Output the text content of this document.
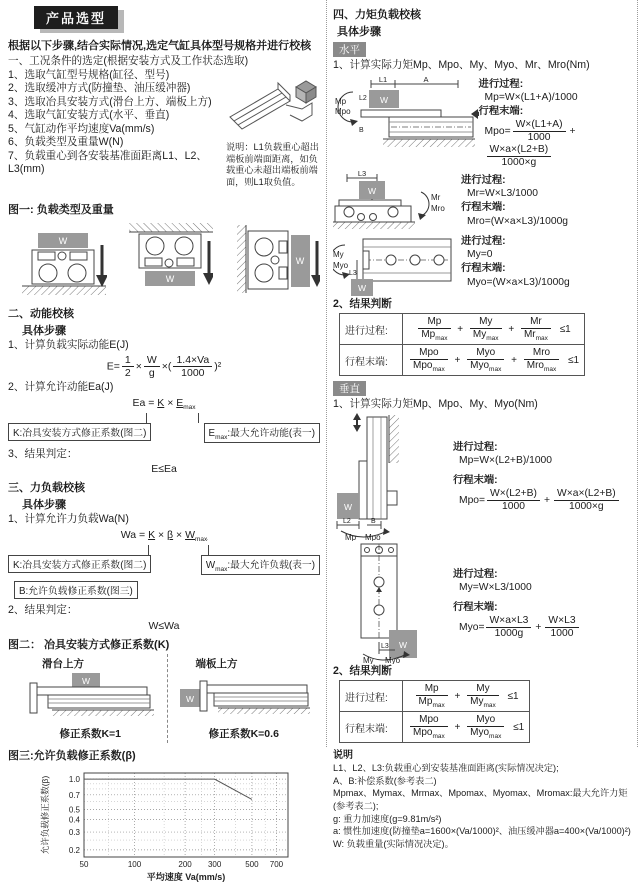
产品选型
根据以下步骤,结合实际情况,选定气缸具体型号规格并进行校核
一、工况条件的选定(根据安装方式及工作状态选取)
1、选取气缸型号规格(缸径、型号)
2、选取缓冲方式(防撞垫、油压缓冲器)
3、选取冶具安装方式(滑台上方、端板上方)
4、选取气缸安装方式(水平、垂直)
5、气缸动作平均速度Va(mm/s)
6、负载类型及重量W(N)
7、负载重心到各安装基准面距离L1、L2、L3(mm)
说明：L1负载重心超出端板前端面距离，如负载重心未超出端板前端面，则L1取负值。
图一: 负载类型及重量
W
W
W
二、动能校核
具体步骤
1、计算负载实际动能E(J)
$E= \frac{1}{2} \times \frac{W}{g}$ ×( $\frac{1.4\times Va}{1000} )^2$
2、计算允许动能Ea(J)
$Ea = K \times E_{max}$
K:冶具安装方式修正系数(图二)	$E_{max}$:最大允许动能(表一)
3、结果判定：
E≤Ea
三、力负载校核
具体步骤
1、计算允许力负载Wa(N)
$Wa = K \times \beta \times W_{max}$
K:冶具安装方式修正系数(图二)	$W_{max}$:最大允许负载(表一)
B:允许负载修正系数(图三)
2、结果判定：
W≤Wa
图二： 冶具安装方式修正系数(K)
滑台上方
W
修正系数K=1
端板上方
W
修正系数K=0.6
图三:允许负载修正系数(β)
50	100	200 300	500 700
1.0
0.7
0.5
0.4
0.3
0.2
平均速度 Va(mm/s)
允许负载修正系数(β)
四、力矩负载校核
具体步骤
水平
1、计算实际力矩Mp、Mpo、My、Myo、Mr、Mro(Nm)
L1	A
L2
B
W
Mp
Mpo
进行过程:
Mp=W×(L1+A)/1000
行程末端:
$Mpo= \frac{W\times(L1+A)}{1000}$ +
$\frac{W\times a\times(L2+B)}{1000\times g}$
L3
W
Mr
Mro
进行过程:
Mr=W×L3/1000
行程末端:
Mro=(W×a×L3)/1000g
My
Myo
L3
W
进行过程:
My=0
行程末端:
Myo=(W×a×L3)/1000g
2、结果判断
进行过程:	$\frac{Mp}{Mp_{max}} + \frac{My}{My_{max}} + \frac{Mr}{Mr_{max}} \le 1$
行程末端:	$\frac{\text{Mpo}}{Mpo_{max}} + \frac{\text{Myo}}{Myo_{max}} + \frac{\text{Mro}}{Mro_{max}} \le 1$
垂直
1、计算实际力矩Mp、Mpo、My、Myo(Nm)
W
L2	B
Mp Mpo
进行过程:
Mp=W×(L2+B)/1000
行程末端:
$Mpo= \frac{W\times(L2+B)}{1000} + \frac{W\times a\times(L2+B)}{1000\times g}$
W
L3
My Myo
进行过程:
My=W×L3/1000
行程末端:
$Myo= \frac{W\times a\times L3}{1000g} + \frac{W\times L3}{1000}$
2、结果判断
进行过程:	$\frac{Mp}{Mp_{max}} + \frac{My}{My_{max}} \le 1$
行程末端:	$\frac{\text{Mpo}}{Mpo_{max}} + \frac{\text{Myo}}{Myo_{max}} \le 1$
说明
L1、L2、L3:负载重心到安装基准面距离(实际情况决定);
A、B:补偿系数(参考表二)
Mpmax、Mymax、Mrmax、Mpomax、Myomax、Mromax:最大允许力矩(参考表二);
g: 重力加速度(g=9.81m/s²)
a: 惯性加速度(防撞垫a=1600×(Va/1000)²、油压缓冲器a=400×(Va/1000)²)
W: 负载重量(实际情况决定)。
